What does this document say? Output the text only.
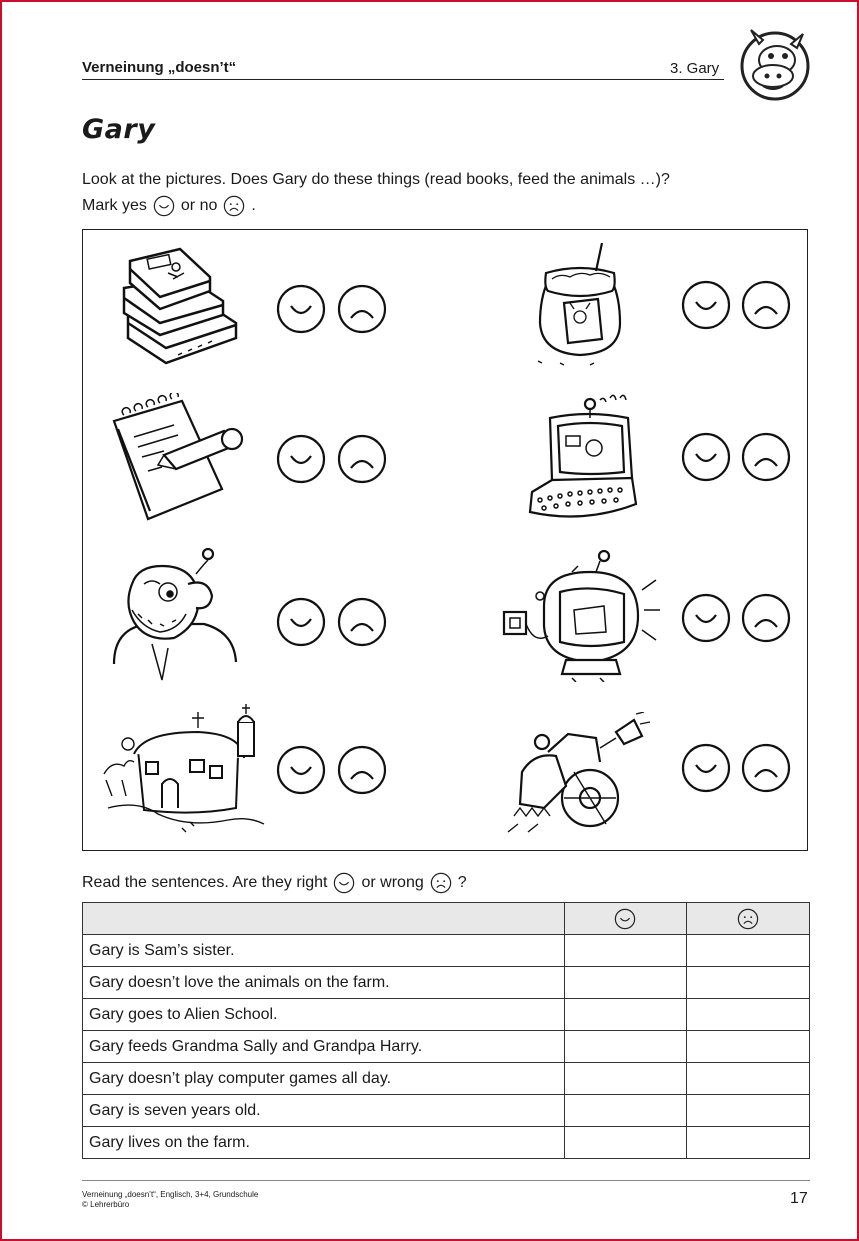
Verneinung „doesn’t“	3. Gary
Gary
Look at the pictures. Does Gary do these things (read books, feed the animals …)?
Mark yes or no .
Read the sentences. Are they right or wrong ?

Gary is Sam’s sister.		
Gary doesn’t love the animals on the farm.		
Gary goes to Alien School.		
Gary feeds Grandma Sally and Grandpa Harry.		
Gary doesn’t play computer games all day.		
Gary is seven years old.		
Gary lives on the farm.		
Verneinung „doesn’t“, Englisch, 3+4, Grundschule
© Lehrerbüro	17
